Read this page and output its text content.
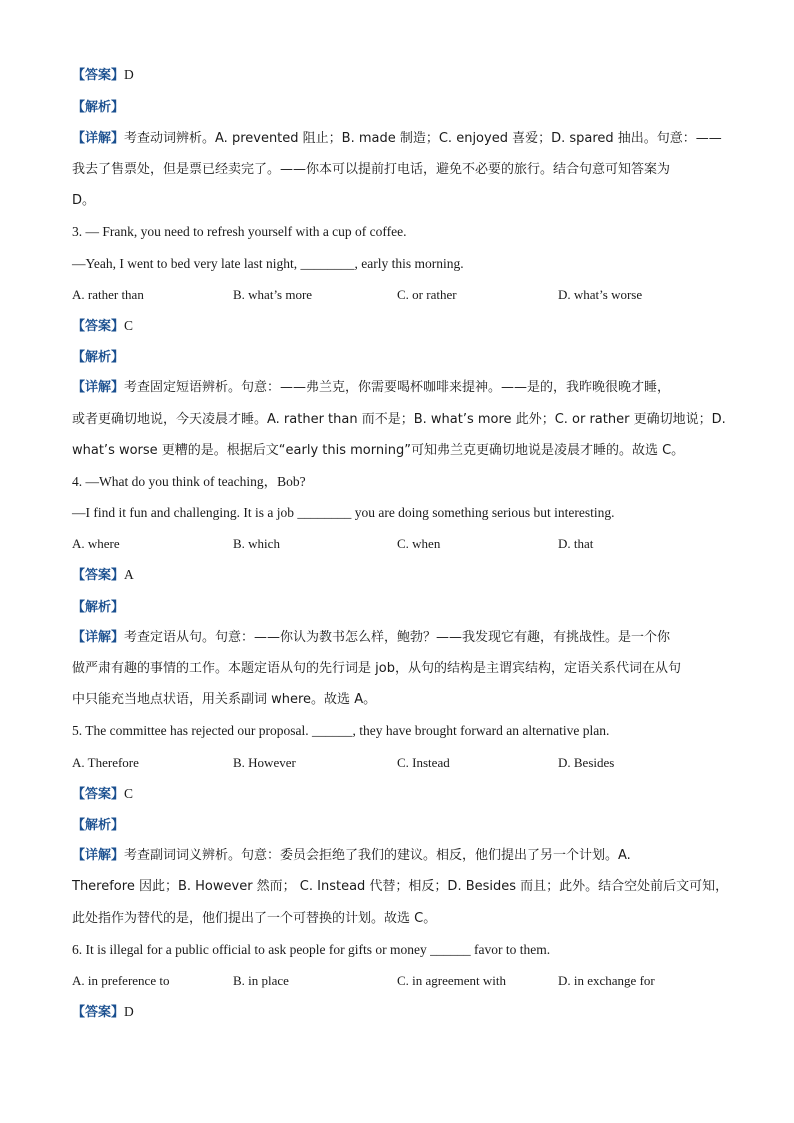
【答案】D
【解析】
【详解】考查动词辨析。A. prevented 阻止；B. made 制造；C. enjoyed 喜爱；D. spared 抽出。句意：——
我去了售票处，但是票已经卖完了。——你本可以提前打电话，避免不必要的旅行。结合句意可知答案为
D。
3. — Frank, you need to refresh yourself with a cup of coffee.
—Yeah, I went to bed very late last night, ________, early this morning.
A. rather than	B. what’s more	C. or rather	D. what’s worse
【答案】C
【解析】
【详解】考查固定短语辨析。句意：——弗兰克，你需要喝杯咖啡来提神。——是的，我昨晚很晚才睡，
或者更确切地说，今天凌晨才睡。A. rather than 而不是；B. what’s more 此外；C. or rather 更确切地说；D.
what’s worse 更糟的是。根据后文“early this morning”可知弗兰克更确切地说是凌晨才睡的。故选 C。
4. —What do you think of teaching，Bob?
—I find it fun and challenging. It is a job ________ you are doing something serious but interesting.
A. where	B. which	C. when	D. that
【答案】A
【解析】
【详解】考查定语从句。句意：——你认为教书怎么样，鲍勃？——我发现它有趣，有挑战性。是一个你
做严肃有趣的事情的工作。本题定语从句的先行词是 job，从句的结构是主谓宾结构，定语关系代词在从句
中只能充当地点状语，用关系副词 where。故选 A。
5. The committee has rejected our proposal. ______, they have brought forward an alternative plan.
A. Therefore	B. However	C. Instead	D. Besides
【答案】C
【解析】
【详解】考查副词词义辨析。句意：委员会拒绝了我们的建议。相反，他们提出了另一个计划。A.
Therefore 因此；B. However 然而； C. Instead 代替；相反；D. Besides 而且；此外。结合空处前后文可知，
此处指作为替代的是，他们提出了一个可替换的计划。故选 C。
6. It is illegal for a public official to ask people for gifts or money ______ favor to them.
A. in preference to	B. in place	C. in agreement with	D. in exchange for
【答案】D
